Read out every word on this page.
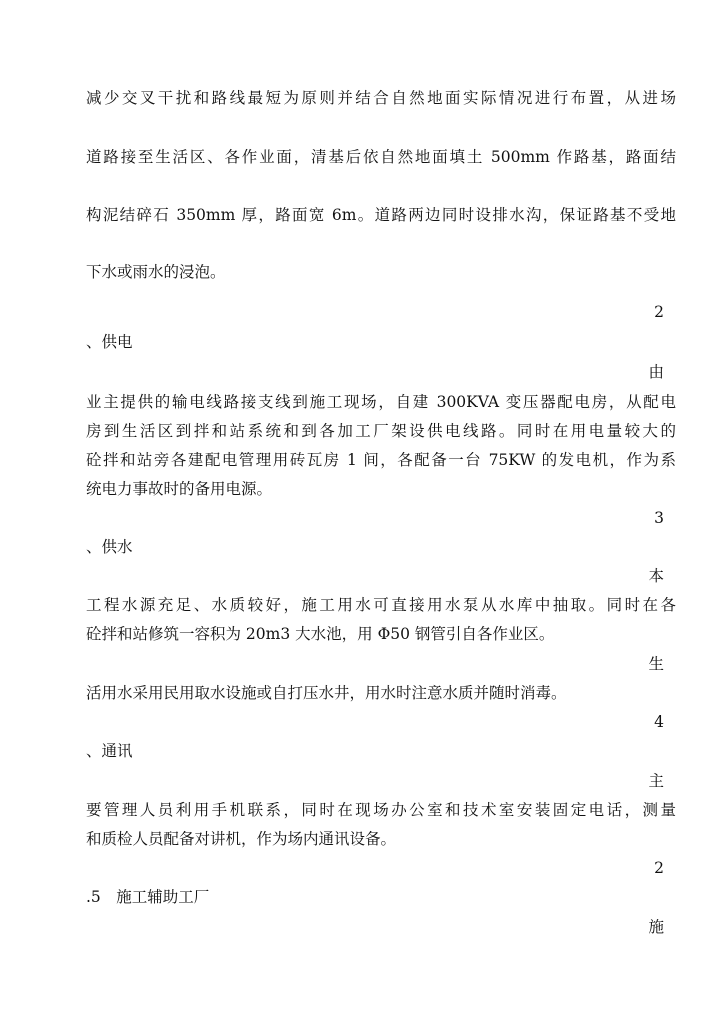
减少交叉干扰和路线最短为原则并结合自然地面实际情况进行布置，从进场
道路接至生活区、各作业面，清基后依自然地面填土 500mm 作路基，路面结
构泥结碎石 350mm 厚，路面宽 6m。道路两边同时设排水沟，保证路基不受地
下水或雨水的浸泡。
2
、供电
由
业主提供的输电线路接支线到施工现场，自建 300KVA 变压器配电房，从配电
房到生活区到拌和站系统和到各加工厂架设供电线路。同时在用电量较大的
砼拌和站旁各建配电管理用砖瓦房 1 间，各配备一台 75KW 的发电机，作为系
统电力事故时的备用电源。
3
、供水
本
工程水源充足、水质较好，施工用水可直接用水泵从水库中抽取。同时在各
砼拌和站修筑一容积为 20m3 大水池，用 Φ50 钢管引自各作业区。
生
活用水采用民用取水设施或自打压水井，用水时注意水质并随时消毒。
4
、通讯
主
要管理人员利用手机联系，同时在现场办公室和技术室安装固定电话，测量
和质检人员配备对讲机，作为场内通讯设备。
2
.5　施工辅助工厂
施
